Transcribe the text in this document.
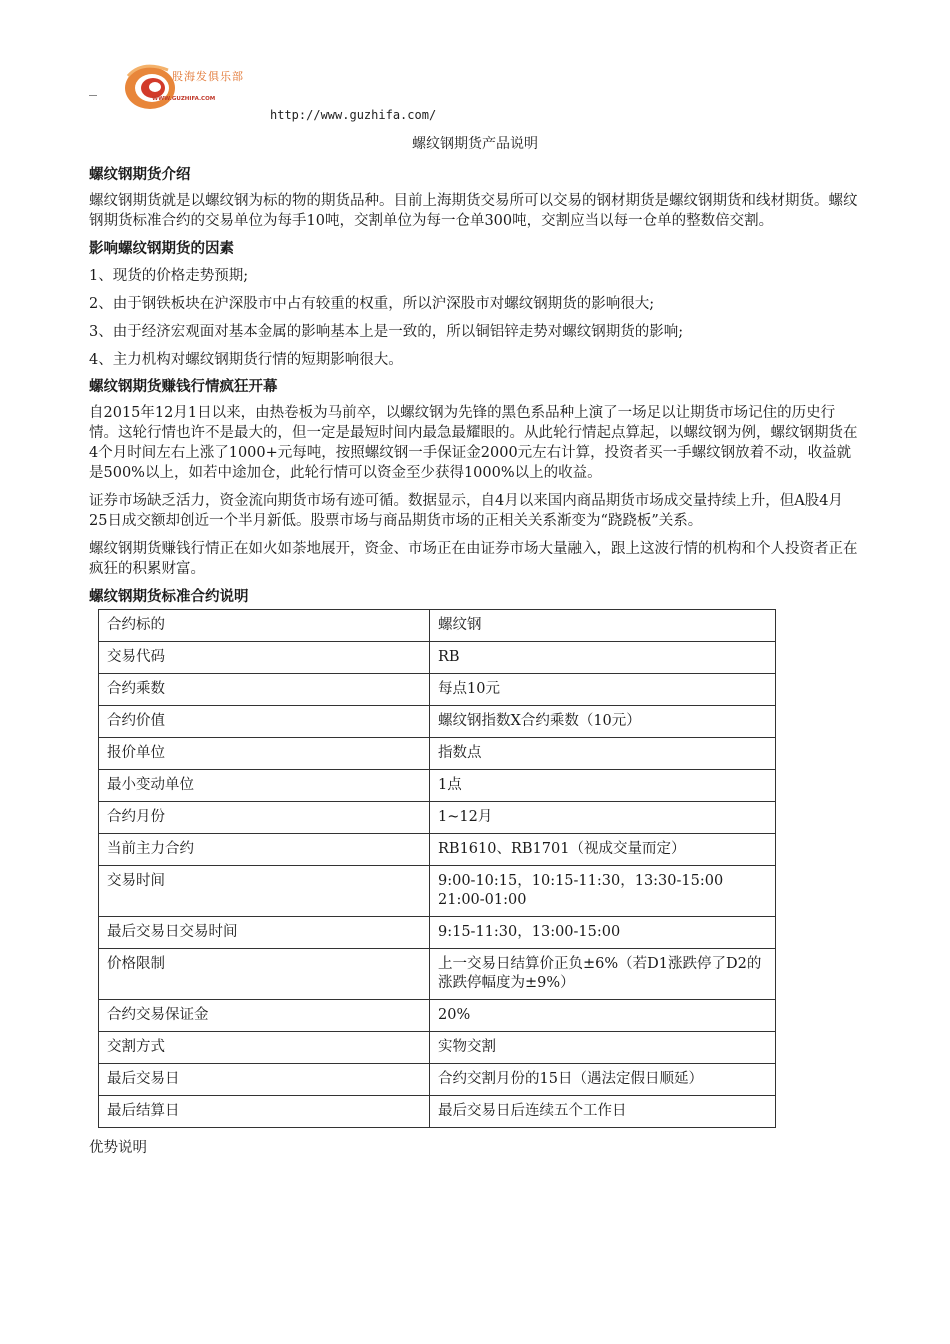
股海发俱乐部
WWW.GUZHIFA.COM
http://www.guzhifa.com/
螺纹钢期货产品说明
螺纹钢期货介绍

螺纹钢期货就是以螺纹钢为标的物的期货品种。目前上海期货交易所可以交易的钢材期货是螺纹钢期货和线材期货。螺纹钢期货标准合约的交易单位为每手10吨，交割单位为每一仓单300吨，交割应当以每一仓单的整数倍交割。

影响螺纹钢期货的因素

1、现货的价格走势预期;

2、由于钢铁板块在沪深股市中占有较重的权重，所以沪深股市对螺纹钢期货的影响很大;

3、由于经济宏观面对基本金属的影响基本上是一致的，所以铜铝锌走势对螺纹钢期货的影响;

4、主力机构对螺纹钢期货行情的短期影响很大。

螺纹钢期货赚钱行情疯狂开幕

自2015年12月1日以来，由热卷板为马前卒，以螺纹钢为先锋的黑色系品种上演了一场足以让期货市场记住的历史行情。这轮行情也许不是最大的，但一定是最短时间内最急最耀眼的。从此轮行情起点算起，以螺纹钢为例，螺纹钢期货在4个月时间左右上涨了1000+元每吨，按照螺纹钢一手保证金2000元左右计算，投资者买一手螺纹钢放着不动，收益就是500%以上，如若中途加仓，此轮行情可以资金至少获得1000%以上的收益。

证券市场缺乏活力，资金流向期货市场有迹可循。数据显示，自4月以来国内商品期货市场成交量持续上升，但A股4月25日成交额却创近一个半月新低。股票市场与商品期货市场的正相关关系渐变为“跷跷板”关系。

螺纹钢期货赚钱行情正在如火如荼地展开，资金、市场正在由证券市场大量融入，跟上这波行情的机构和个人投资者正在疯狂的积累财富。

螺纹钢期货标准合约说明
合约标的	螺纹钢
交易代码	RB
合约乘数	每点10元
合约价值	螺纹钢指数X合约乘数（10元）
报价单位	指数点
最小变动单位	1点
合约月份	1~12月
当前主力合约	RB1610、RB1701（视成交量而定）
交易时间	9:00-10:15，10:15-11:30，13:30-15:00
21:00-01:00
最后交易日交易时间	9:15-11:30，13:00-15:00
价格限制	上一交易日结算价正负±6%（若D1涨跌停了D2的涨跌停幅度为±9%）
合约交易保证金	20%
交割方式	实物交割
最后交易日	合约交割月份的15日（遇法定假日顺延）
最后结算日	最后交易日后连续五个工作日
优势说明
